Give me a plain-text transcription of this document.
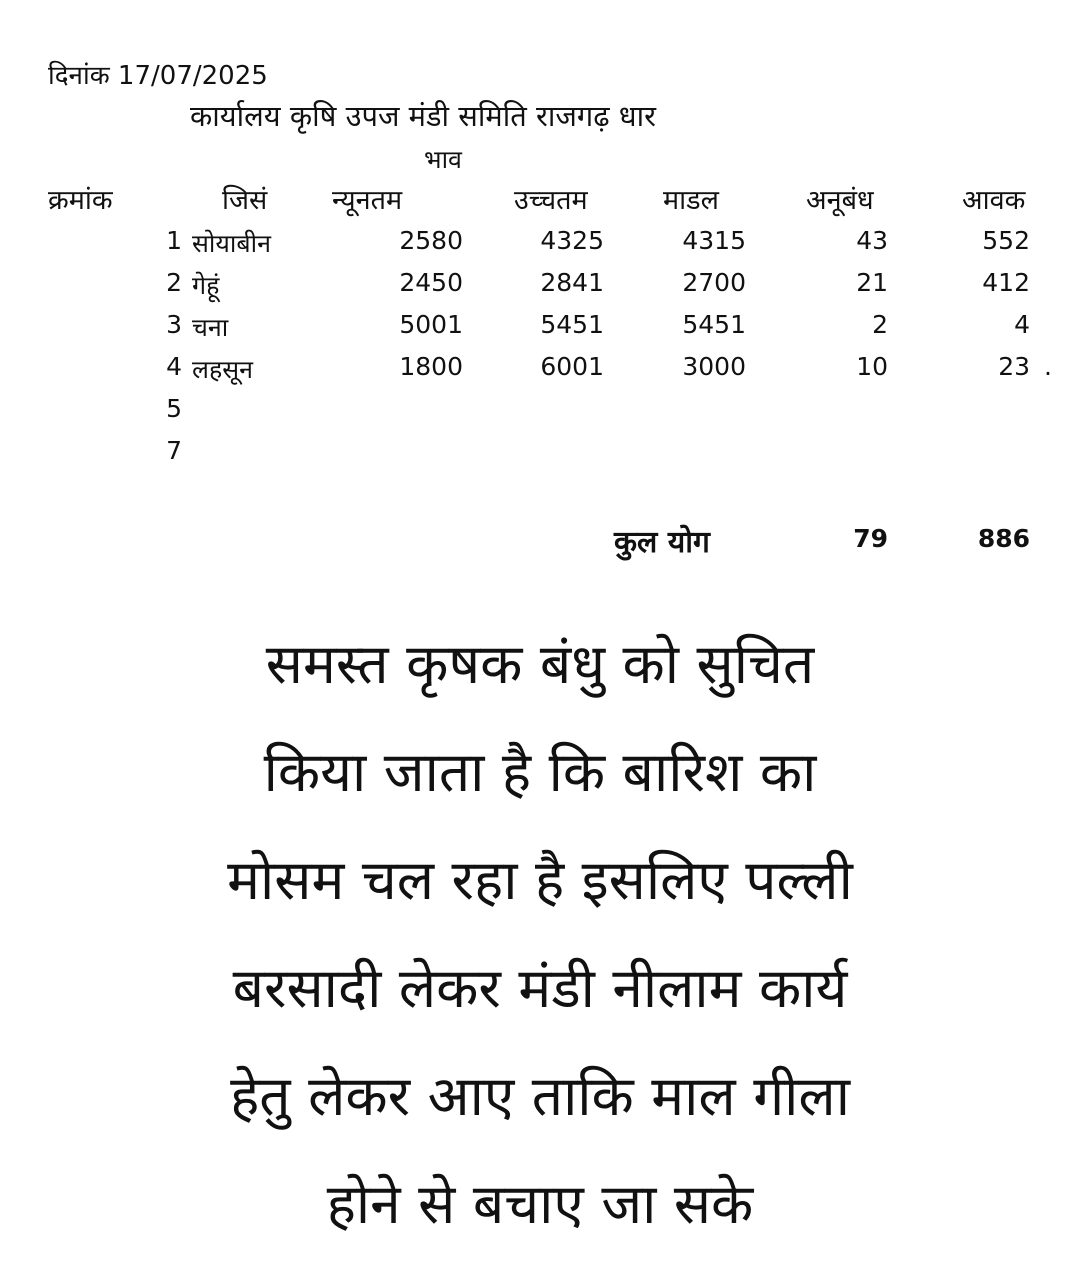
दिनांक 17/07/2025
कार्यालय कृषि उपज मंडी समिति राजगढ़ धार
भाव
क्रमांक	जिसं न्यूनतम	उच्चतम	माडल	अनूबंध	आवक
1 सोयाबीन	2580	4325	4315	43	552
2 गेहूं	2450	2841	2700	21	412
3 चना	5001	5451	5451	2	4
4 लहसून	1800	6001	3000	10	23 .
5
7
कुल योग	79	886
समस्त कृषक बंधु को सुचित
किया जाता है कि बारिश का
मोसम चल रहा है इसलिए पल्ली
बरसादी लेकर मंडी नीलाम कार्य
हेतु लेकर आए ताकि माल गीला
होने से बचाए जा सके
